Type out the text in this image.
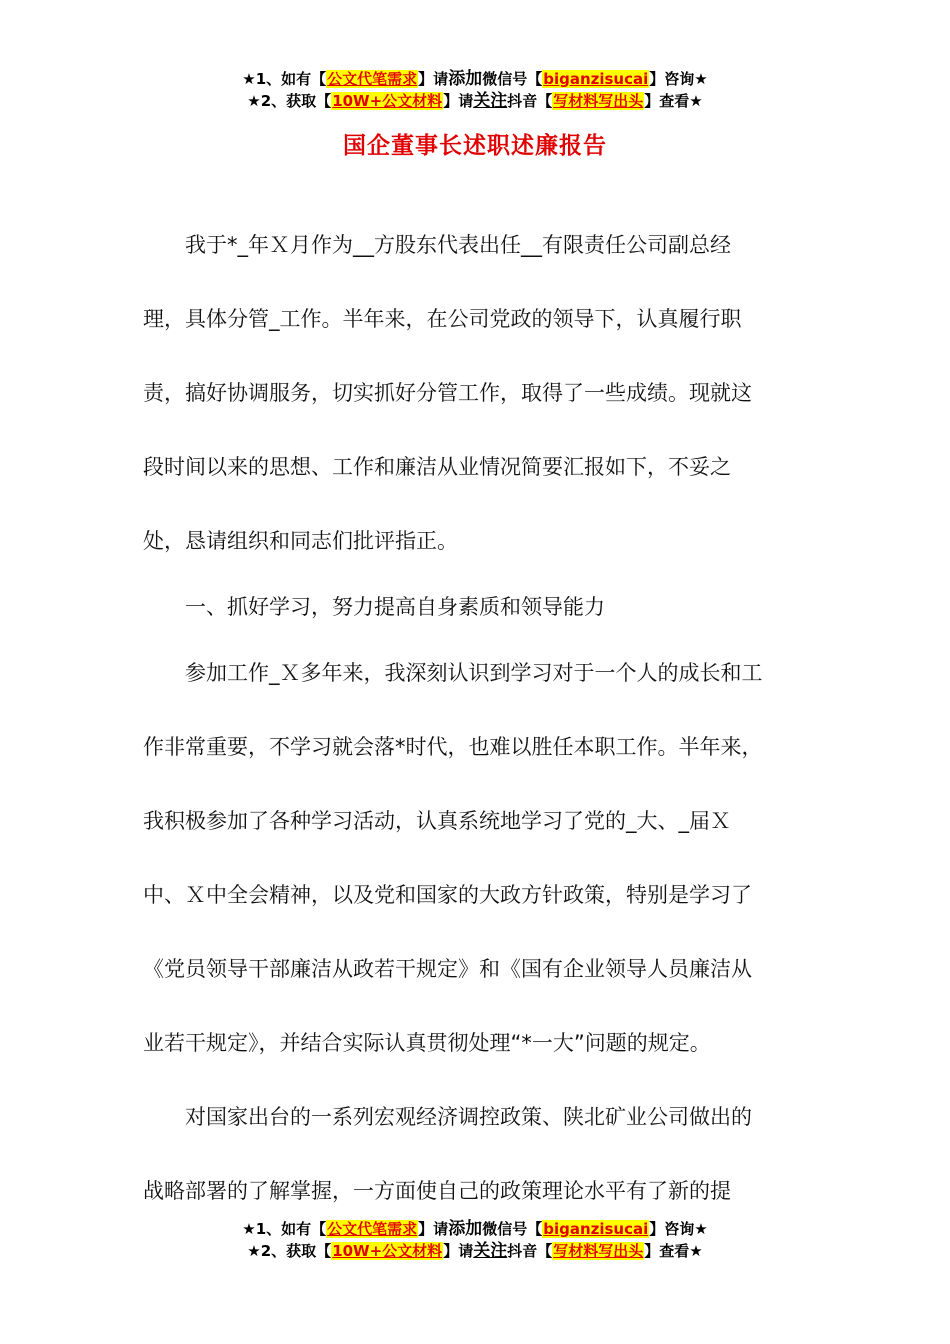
★1、如有【公文代笔需求】请添加微信号【biganzisucai】咨询★
★2、获取【10W+公文材料】请关注抖音【写材料写出头】查看★
国企董事长述职述廉报告

我于*_年Ｘ月作为__方股东代表出任__有限责任公司副总经
理，具体分管_工作。半年来，在公司党政的领导下，认真履行职
责，搞好协调服务，切实抓好分管工作，取得了一些成绩。现就这
段时间以来的思想、工作和廉洁从业情况简要汇报如下，不妥之
处，恳请组织和同志们批评指正。

一、抓好学习，努力提高自身素质和领导能力

参加工作_Ｘ多年来，我深刻认识到学习对于一个人的成长和工
作非常重要，不学习就会落*时代，也难以胜任本职工作。半年来，
我积极参加了各种学习活动，认真系统地学习了党的_大、_届Ｘ
中、Ｘ中全会精神，以及党和国家的大政方针政策，特别是学习了
《党员领导干部廉洁从政若干规定》和《国有企业领导人员廉洁从
业若干规定》，并结合实际认真贯彻处理“*一大”问题的规定。

对国家出台的一系列宏观经济调控政策、陕北矿业公司做出的
战略部署的了解掌握，一方面使自己的政策理论水平有了新的提

★1、如有【公文代笔需求】请添加微信号【biganzisucai】咨询★
★2、获取【10W+公文材料】请关注抖音【写材料写出头】查看★
